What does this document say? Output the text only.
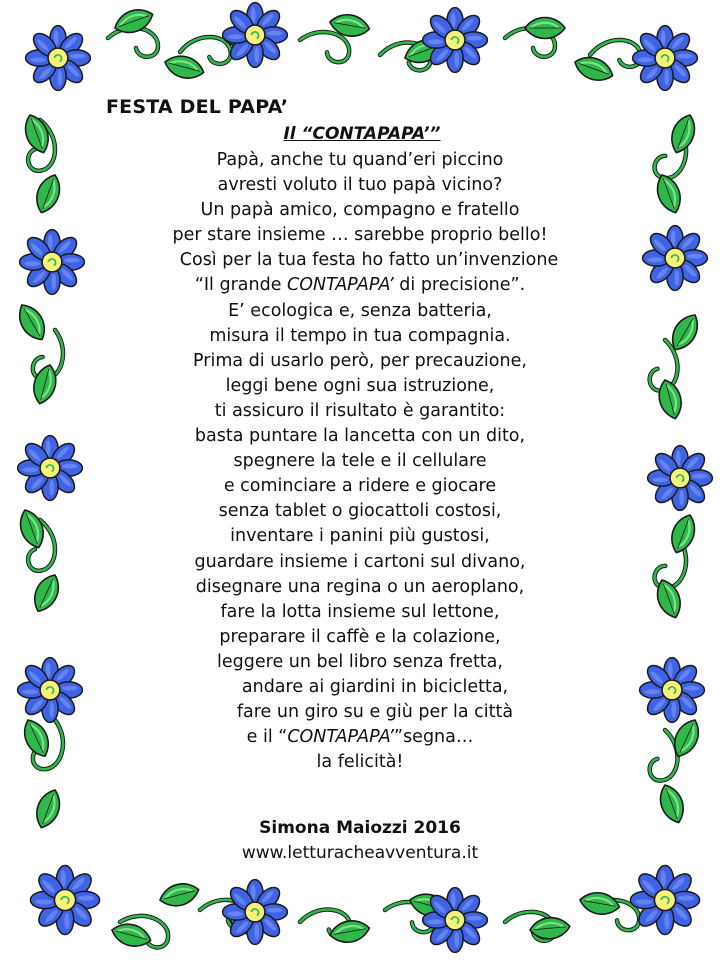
FESTA DEL PAPA’
Il “CONTAPAPA’”
Papà, anche tu quand’eri piccino
avresti voluto il tuo papà vicino?
Un papà amico, compagno e fratello
per stare insieme … sarebbe proprio bello!
Così per la tua festa ho fatto un’invenzione
“Il grande CONTAPAPA’ di precisione”.
E’ ecologica e, senza batteria,
misura il tempo in tua compagnia.
Prima di usarlo però, per precauzione,
leggi bene ogni sua istruzione,
ti assicuro il risultato è garantito:
basta puntare la lancetta con un dito,
spegnere la tele e il cellulare
e cominciare a ridere e giocare
senza tablet o giocattoli costosi,
inventare i panini più gustosi,
guardare insieme i cartoni sul divano,
disegnare una regina o un aeroplano,
fare la lotta insieme sul lettone,
preparare il caffè e la colazione,
leggere un bel libro senza fretta,
andare ai giardini in bicicletta,
fare un giro su e giù per la città
e il “CONTAPAPA’”segna…
la felicità!
Simona Maiozzi 2016
www.letturacheavventura.it
